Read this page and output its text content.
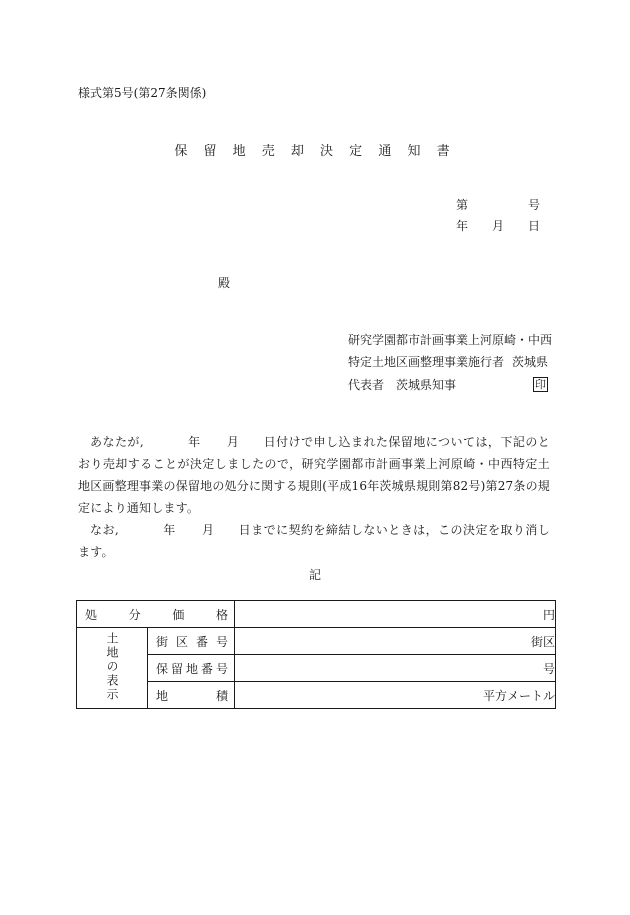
様式第5号(第27条関係)
保 留 地 売 却 決 定 通 知 書
第	号
年 月 日
殿
研究学園都市計画事業上河原崎・中西
特定土地区画整理事業施行者 茨城県
代表者　 茨城県知事	印

あなたが,	年 月 日付けで申し込まれた保留地については，下記のとおり売却することが決定しましたので，研究学園都市計画事業上河原崎・中西特定土地区画整理事業の保留地の処分に関する規則(平成16年茨城県規則第82号)第27条の規定により通知します。

なお,	年 月 日までに契約を締結しないときは，この決定を取り消します。

記
処 分 価 格		円
土地の表示	街 区 番 号	街区

	保 留 地 番 号	号

	地 積	平方メートル
